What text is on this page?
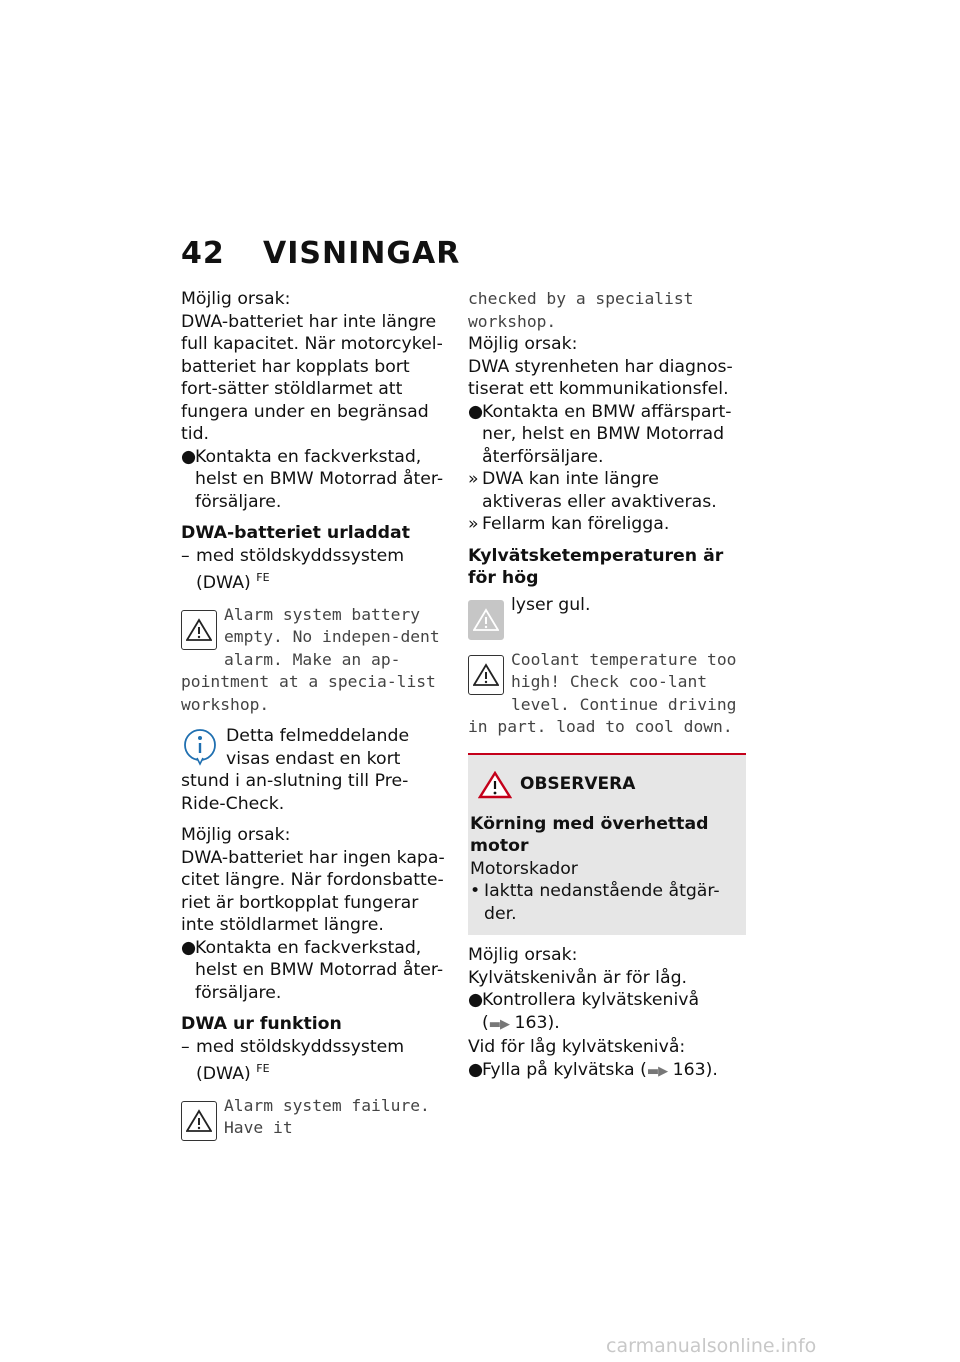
42 VISNINGAR

Möjlig orsak:

DWA-batteriet har inte längre full kapacitet. När motorcykel-batteriet har kopplats bort fort-sätter stöldlarmet att fungera under en begränsad tid.

●
Kontakta en fackverkstad, helst en BMW Motorrad åter-försäljare.

DWA-batteriet urladdat

– med stöldskyddssystem (DWA) $^{FE}$

Alarm system battery empty. No indepen-dent alarm. Make an ap-pointment at a specia-list workshop.

Detta felmeddelande visas endast en kort stund i an-slutning till Pre-Ride-Check.

Möjlig orsak:

DWA-batteriet har ingen kapa-citet längre. När fordonsbatte-riet är bortkopplat fungerar inte stöldlarmet längre.

●
Kontakta en fackverkstad, helst en BMW Motorrad åter-försäljare.

DWA ur funktion

– med stöldskyddssystem (DWA) $^{FE}$

Alarm system failure. Have it

checked by a specialist workshop.

Möjlig orsak:

DWA styrenheten har diagnos-tiserat ett kommunikationsfel.

●
Kontakta en BMW affärspart-ner, helst en BMW Motorrad återförsäljare.
» DWA kan inte längre aktiveras eller avaktiveras.
» Fellarm kan föreligga.

Kylvätsketemperaturen är för hög

lyser gul.

Coolant temperature too high! Check coo-lant level. Continue driving in part. load to cool down.

OBSERVERA

Körning med överhettad motor

Motorskador

• Iaktta nedanstående åtgär-der.

Möjlig orsak:

Kylvätskenivån är för låg.

●
Kontrollera kylvätskenivå
(▬▶ 163).

Vid för låg kylvätskenivå:

●
Fylla på kylvätska (▬▶ 163).
carmanualsonline.info
